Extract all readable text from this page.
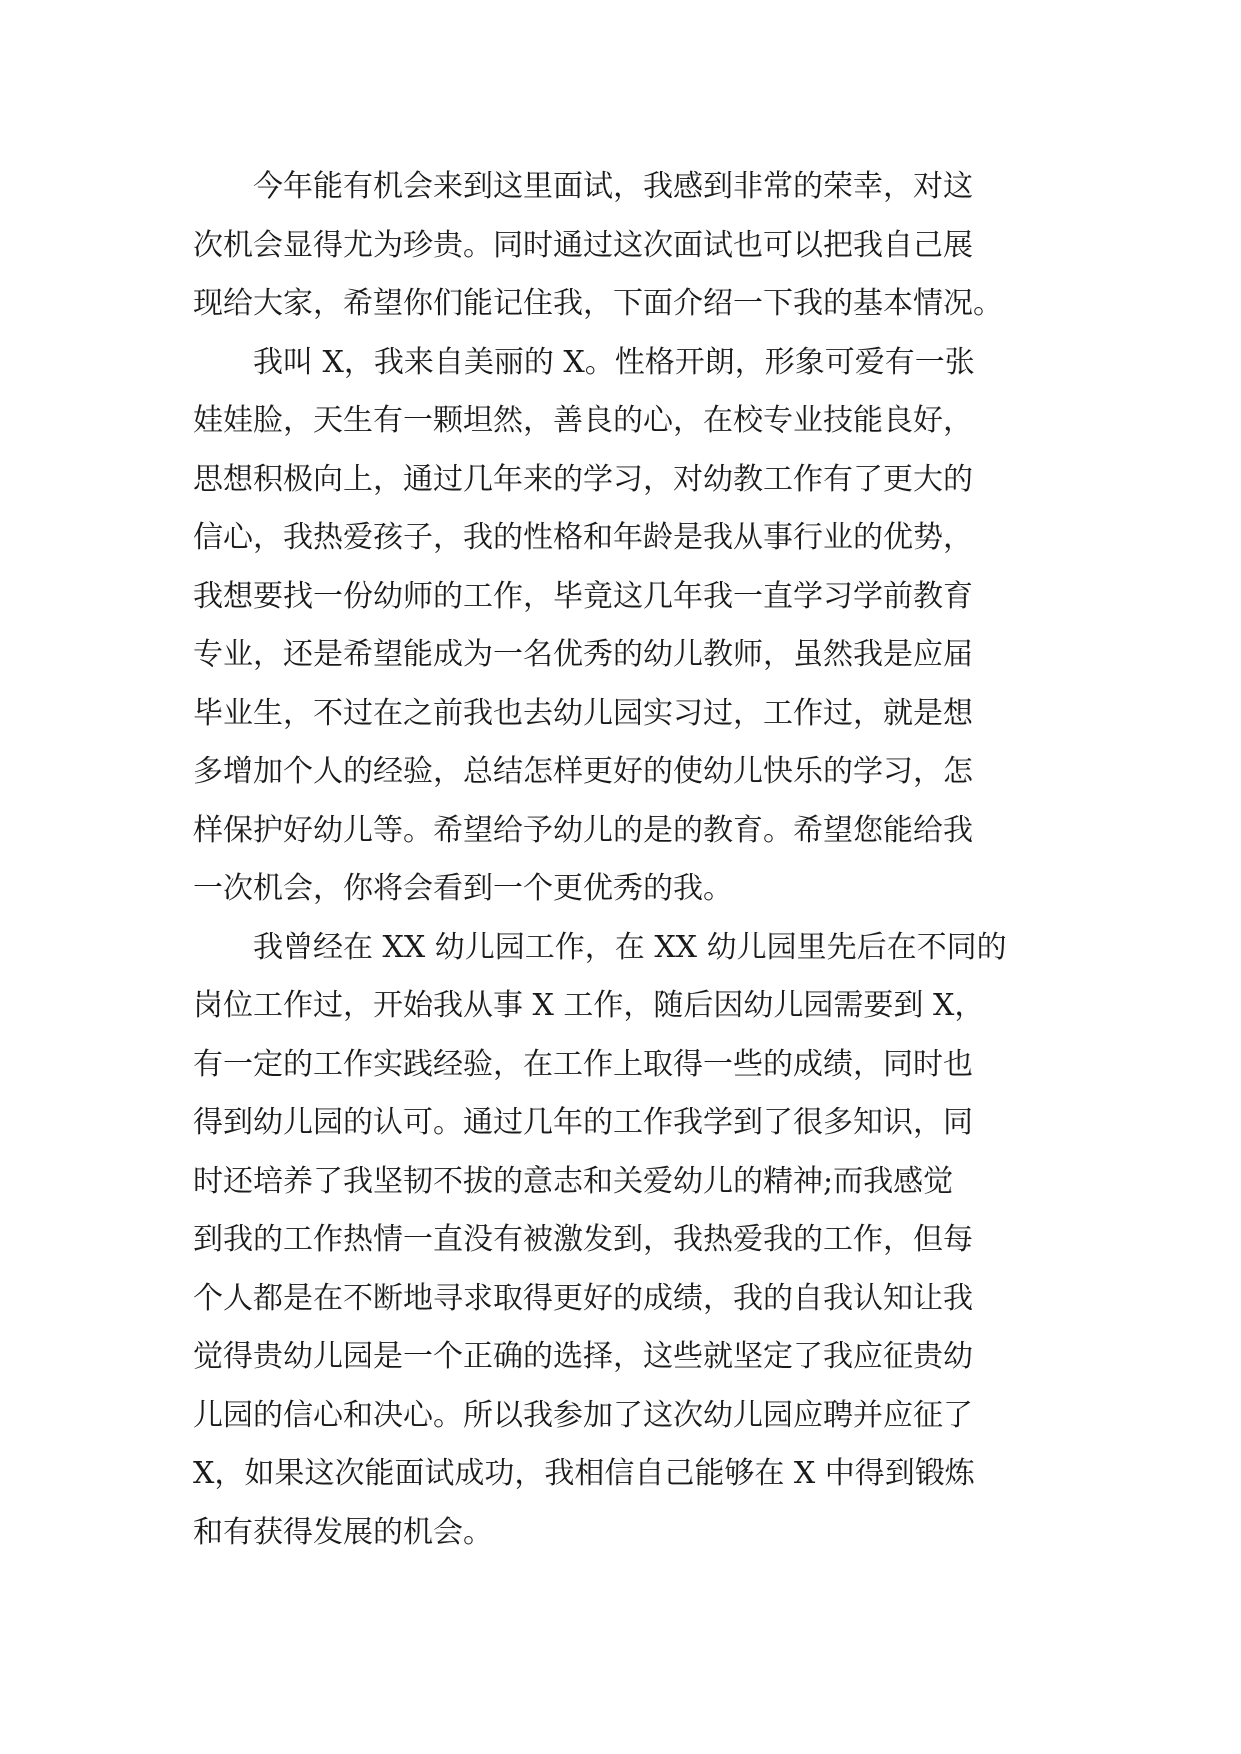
　　今年能有机会来到这里面试，我感到非常的荣幸，对这
次机会显得尤为珍贵。同时通过这次面试也可以把我自己展
现给大家，希望你们能记住我，下面介绍一下我的基本情况。
　　我叫 X，我来自美丽的 X。性格开朗，形象可爱有一张
娃娃脸，天生有一颗坦然，善良的心，在校专业技能良好，
思想积极向上，通过几年来的学习，对幼教工作有了更大的
信心，我热爱孩子，我的性格和年龄是我从事行业的优势，
我想要找一份幼师的工作，毕竟这几年我一直学习学前教育
专业，还是希望能成为一名优秀的幼儿教师，虽然我是应届
毕业生，不过在之前我也去幼儿园实习过，工作过，就是想
多增加个人的经验，总结怎样更好的使幼儿快乐的学习，怎
样保护好幼儿等。希望给予幼儿的是的教育。希望您能给我
一次机会，你将会看到一个更优秀的我。
　　我曾经在 XX 幼儿园工作，在 XX 幼儿园里先后在不同的
岗位工作过，开始我从事 X 工作，随后因幼儿园需要到 X，
有一定的工作实践经验，在工作上取得一些的成绩，同时也
得到幼儿园的认可。通过几年的工作我学到了很多知识，同
时还培养了我坚韧不拔的意志和关爱幼儿的精神;而我感觉
到我的工作热情一直没有被激发到，我热爱我的工作，但每
个人都是在不断地寻求取得更好的成绩，我的自我认知让我
觉得贵幼儿园是一个正确的选择，这些就坚定了我应征贵幼
儿园的信心和决心。所以我参加了这次幼儿园应聘并应征了
X，如果这次能面试成功，我相信自己能够在 X 中得到锻炼
和有获得发展的机会。
